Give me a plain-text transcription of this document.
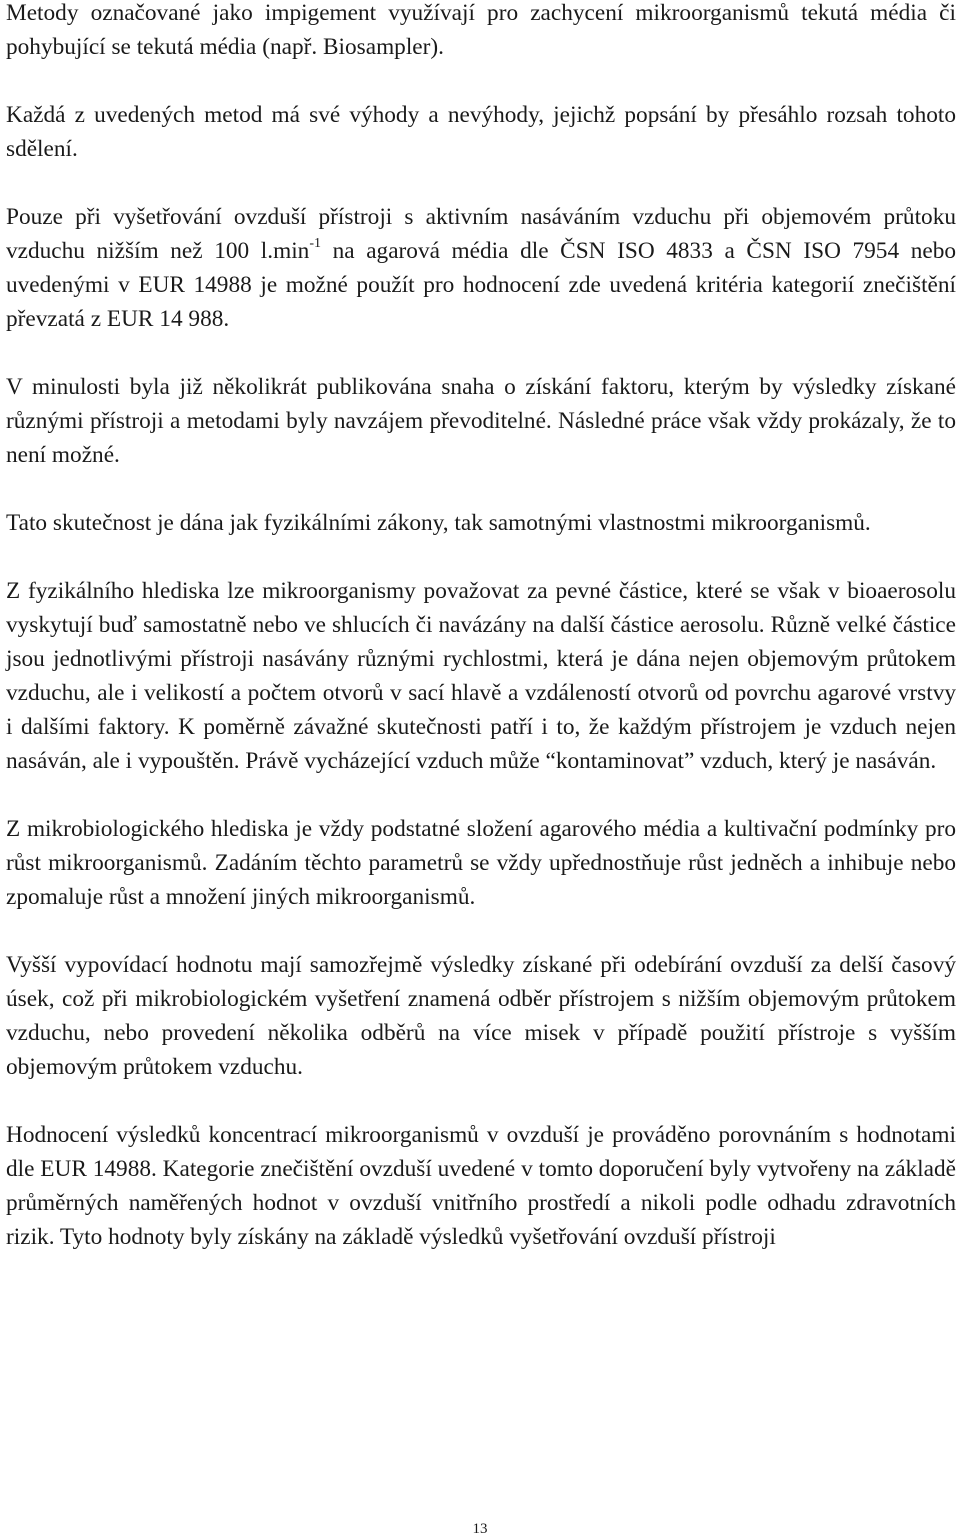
Metody označované jako impigement využívají pro zachycení mikroorganismů tekutá média či pohybující se tekutá média (např. Biosampler).

Každá z uvedených metod má své výhody a nevýhody, jejichž popsání by přesáhlo rozsah tohoto sdělení.

Pouze při vyšetřování ovzduší přístroji s aktivním nasáváním vzduchu při objemovém průtoku vzduchu nižším než 100 $l.\min^{-1}$ na agarová média dle ČSN ISO 4833 a ČSN ISO 7954 nebo uvedenými v EUR 14988 je možné použít pro hodnocení zde uvedená kritéria kategorií znečištění převzatá z EUR 14 988.

V minulosti byla již několikrát publikována snaha o získání faktoru, kterým by výsledky získané různými přístroji a metodami byly navzájem převoditelné. Následné práce však vždy prokázaly, že to není možné.

Tato skutečnost je dána jak fyzikálními zákony, tak samotnými vlastnostmi mikroorganismů.

Z fyzikálního hlediska lze mikroorganismy považovat za pevné částice, které se však v bioaerosolu vyskytují buď samostatně nebo ve shlucích či navázány na další částice aerosolu. Různě velké částice jsou jednotlivými přístroji nasávány různými rychlostmi, která je dána nejen objemovým průtokem vzduchu, ale i velikostí a počtem otvorů v sací hlavě a vzdáleností otvorů od povrchu agarové vrstvy i dalšími faktory. K poměrně závažné skutečnosti patří i to, že každým přístrojem je vzduch nejen nasáván, ale i vypouštěn. Právě vycházející vzduch může “kontaminovat” vzduch, který je nasáván.

Z mikrobiologického hlediska je vždy podstatné složení agarového média a kultivační podmínky pro růst mikroorganismů. Zadáním těchto parametrů se vždy upřednostňuje růst jedněch a inhibuje nebo zpomaluje růst a množení jiných mikroorganismů.

Vyšší vypovídací hodnotu mají samozřejmě výsledky získané při odebírání ovzduší za delší časový úsek, což při mikrobiologickém vyšetření znamená odběr přístrojem s nižším objemovým průtokem vzduchu, nebo provedení několika odběrů na více misek v případě použití přístroje s vyšším objemovým průtokem vzduchu.

Hodnocení výsledků koncentrací mikroorganismů v ovzduší je prováděno porovnáním s hodnotami dle EUR 14988. Kategorie znečištění ovzduší uvedené v tomto doporučení byly vytvořeny na základě průměrných naměřených hodnot v ovzduší vnitřního prostředí a nikoli podle odhadu zdravotních rizik. Tyto hodnoty byly získány na základě výsledků vyšetřování ovzduší přístroji

13
